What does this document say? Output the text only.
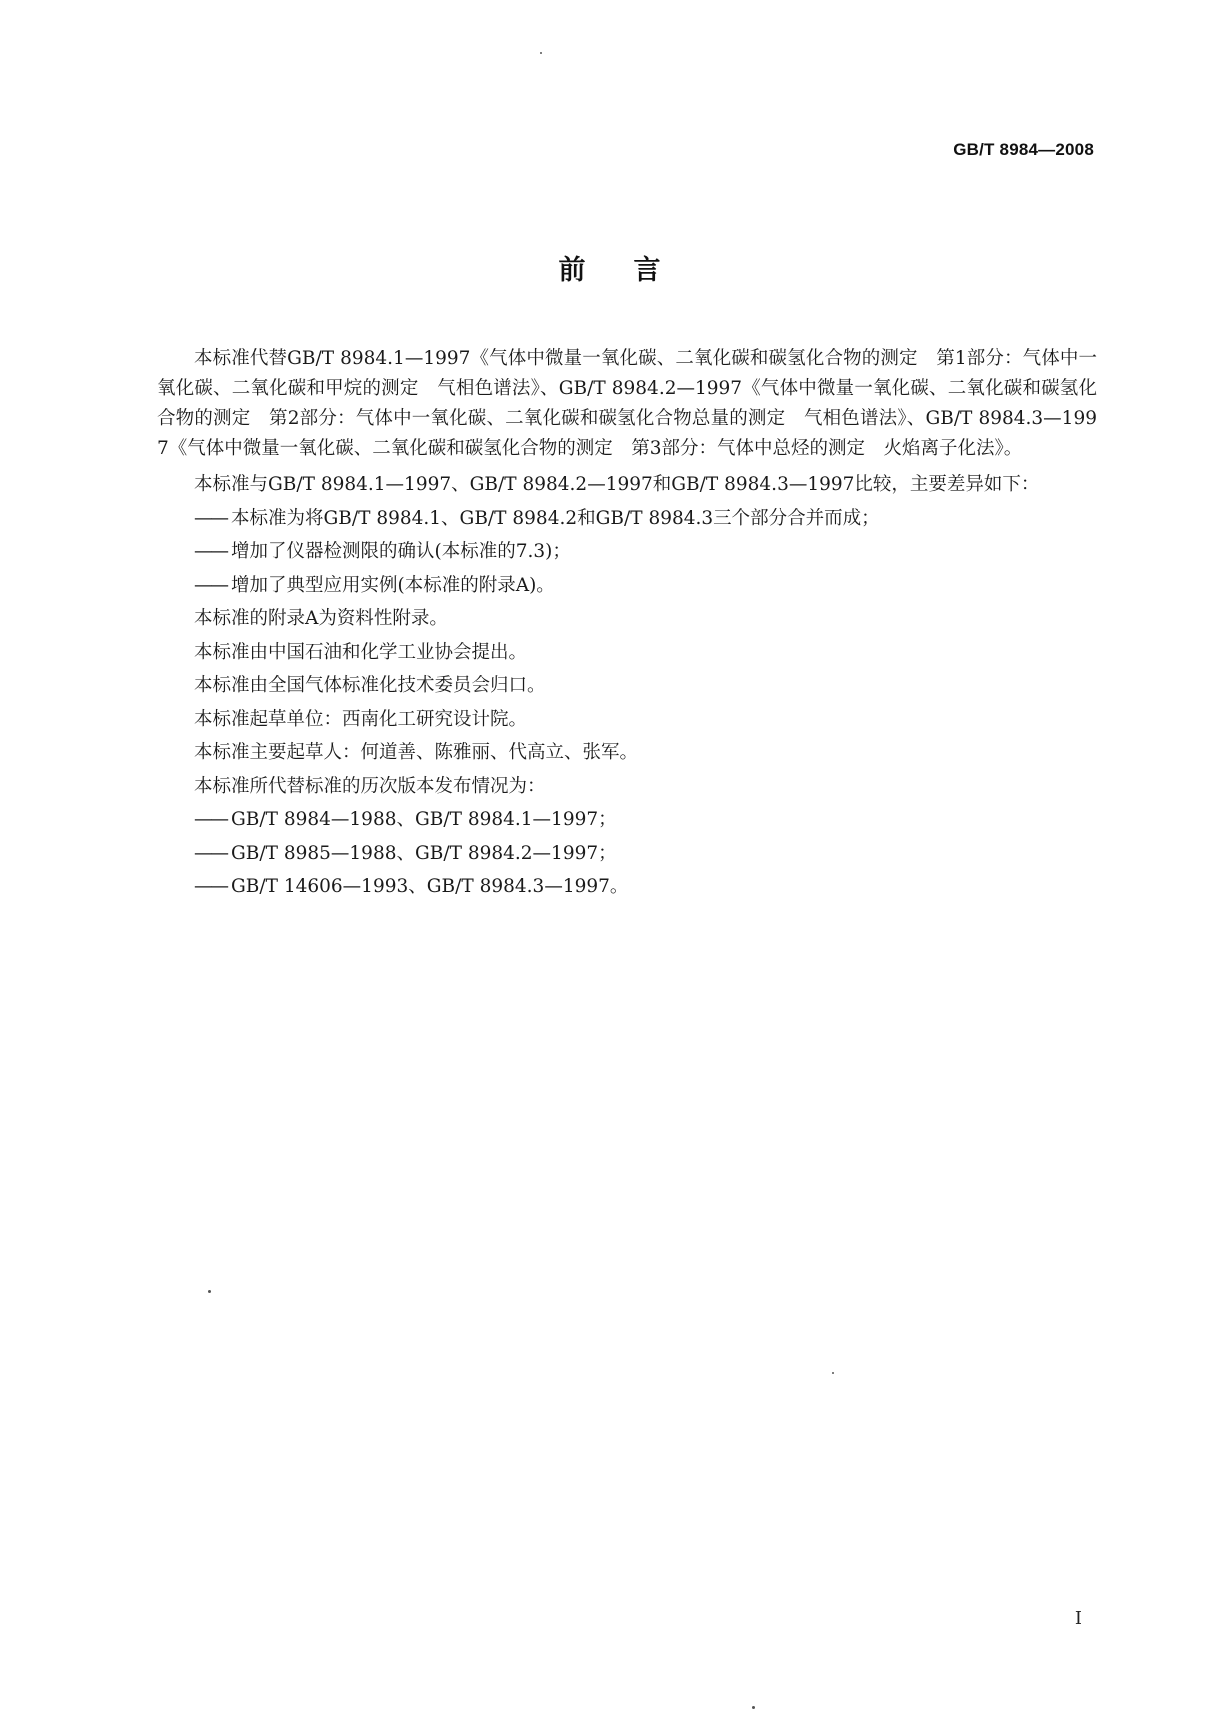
GB/T 8984—2008
前言

本标准代替GB/T 8984.1—1997《气体中微量一氧化碳、二氧化碳和碳氢化合物的测定　第1部分：气体中一氧化碳、二氧化碳和甲烷的测定　气相色谱法》、GB/T 8984.2—1997《气体中微量一氧化碳、二氧化碳和碳氢化合物的测定　第2部分：气体中一氧化碳、二氧化碳和碳氢化合物总量的测定　气相色谱法》、GB/T 8984.3—1997《气体中微量一氧化碳、二氧化碳和碳氢化合物的测定　第3部分：气体中总烃的测定　火焰离子化法》。

本标准与GB/T 8984.1—1997、GB/T 8984.2—1997和GB/T 8984.3—1997比较，主要差异如下：

—— 本标准为将GB/T 8984.1、GB/T 8984.2和GB/T 8984.3三个部分合并而成；

—— 增加了仪器检测限的确认(本标准的7.3)；

—— 增加了典型应用实例(本标准的附录A)。

本标准的附录A为资料性附录。

本标准由中国石油和化学工业协会提出。

本标准由全国气体标准化技术委员会归口。

本标准起草单位：西南化工研究设计院。

本标准主要起草人：何道善、陈雅丽、代高立、张军。

本标准所代替标准的历次版本发布情况为：

—— GB/T 8984—1988、GB/T 8984.1—1997；

—— GB/T 8985—1988、GB/T 8984.2—1997；

—— GB/T 14606—1993、GB/T 8984.3—1997。

I
